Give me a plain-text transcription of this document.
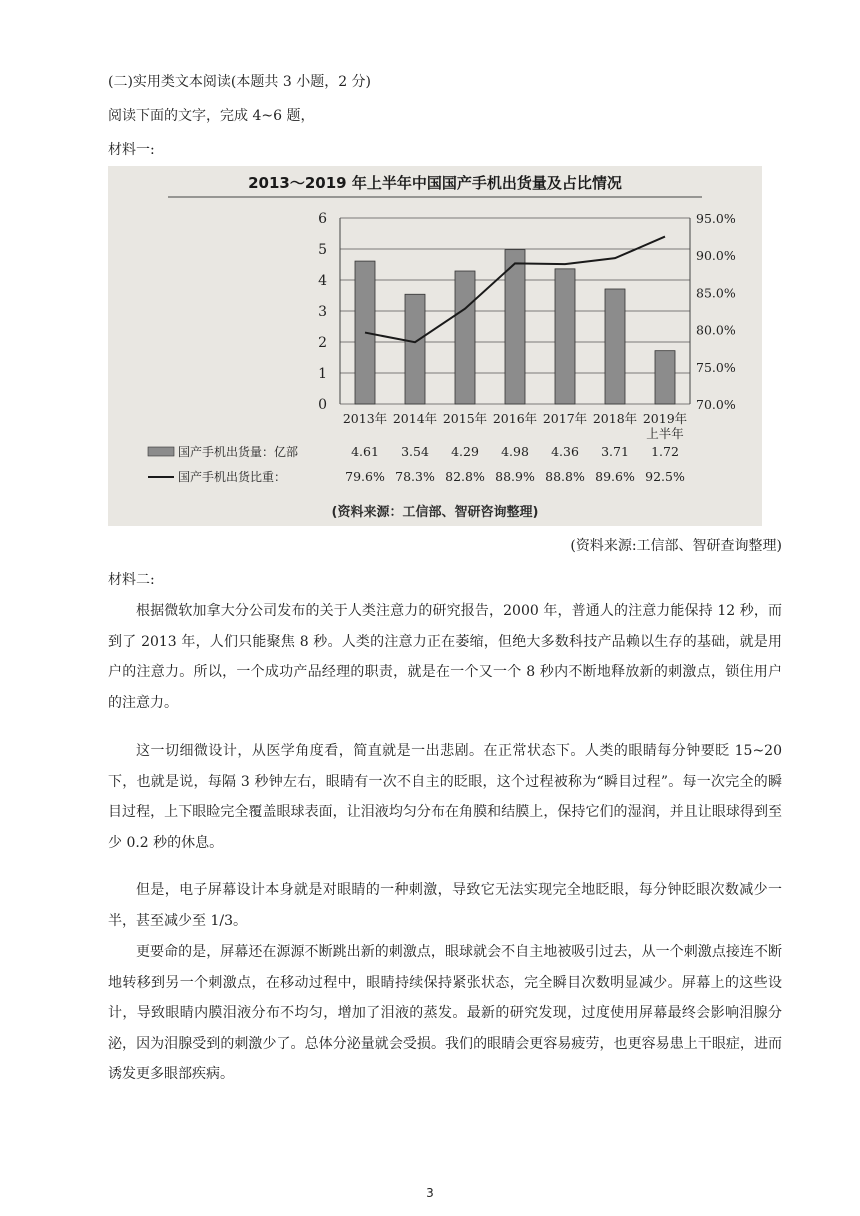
(二)实用类文本阅读(本题共 3 小题，2 分)
阅读下面的文字，完成 4~6 题，
材料一:
2013～2019 年上半年中国国产手机出货量及占比情况
0
1
2
3
4
5
6
70.0%
75.0%
80.0%
85.0%
90.0%
95.0%
2013年 2014年 2015年 2016年 2017年 2018年 2019年
上半年
国产手机出货量：亿部
国产手机出货比重：
4.61 3.54 4.29 4.98 4.36 3.71 1.72
79.6% 78.3% 82.8% 88.9% 88.8% 89.6% 92.5%
(资料来源：工信部、智研咨询整理)
(资料来源:工信部、智研查询整理)
材料二:

根据微软加拿大分公司发布的关于人类注意力的研究报告，2000 年，普通人的注意力能保持 12 秒，而到了 2013 年，人们只能聚焦 8 秒。人类的注意力正在萎缩，但绝大多数科技产品赖以生存的基础，就是用户的注意力。所以，一个成功产品经理的职责，就是在一个又一个 8 秒内不断地释放新的刺激点，锁住用户的注意力。

这一切细微设计，从医学角度看，简直就是一出悲剧。在正常状态下。人类的眼睛每分钟要眨 15~20 下，也就是说，每隔 3 秒钟左右，眼睛有一次不自主的眨眼，这个过程被称为“瞬目过程”。每一次完全的瞬目过程，上下眼睑完全覆盖眼球表面，让泪液均匀分布在角膜和结膜上，保持它们的湿润，并且让眼球得到至少 0.2 秒的休息。

但是，电子屏幕设计本身就是对眼睛的一种刺激，导致它无法实现完全地眨眼，每分钟眨眼次数减少一半，甚至减少至 1/3。

更要命的是，屏幕还在源源不断跳出新的刺激点，眼球就会不自主地被吸引过去，从一个刺激点接连不断地转移到另一个刺激点，在移动过程中，眼睛持续保持紧张状态，完全瞬目次数明显减少。屏幕上的这些设计，导致眼睛内膜泪液分布不均匀，增加了泪液的蒸发。最新的研究发现，过度使用屏幕最终会影响泪腺分泌，因为泪腺受到的刺激少了。总体分泌量就会受损。我们的眼睛会更容易疲劳，也更容易患上干眼症，进而诱发更多眼部疾病。

3
